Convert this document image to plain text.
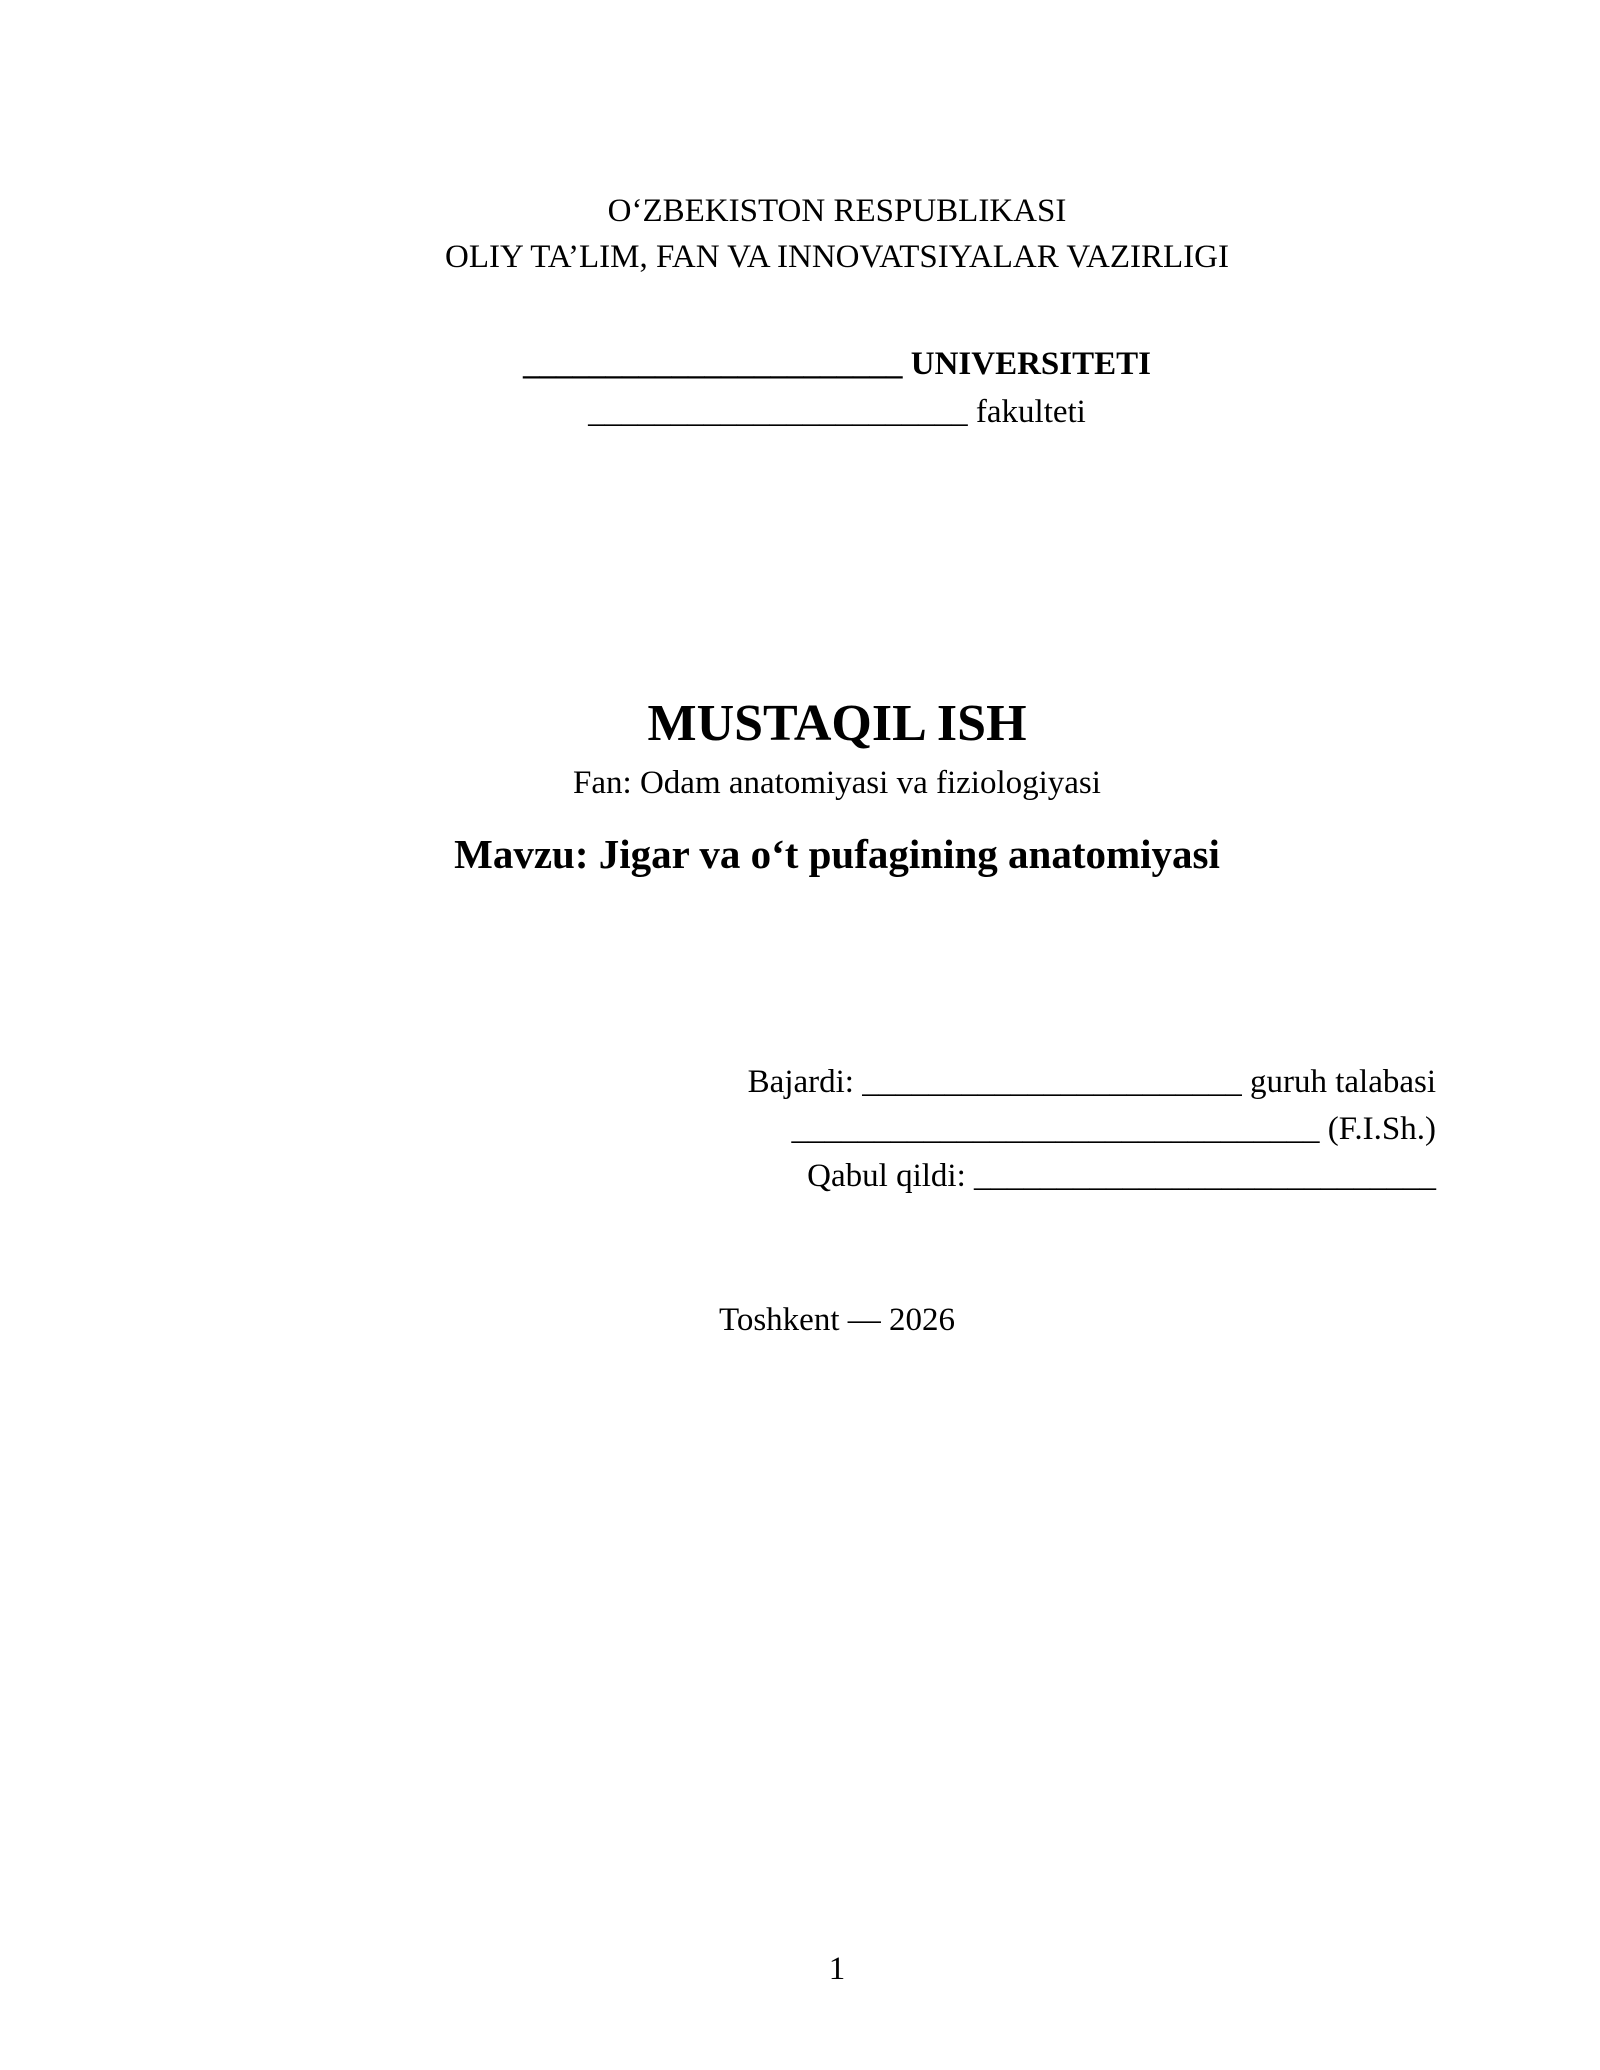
O‘ZBEKISTON RESPUBLIKASI
OLIY TA’LIM, FAN VA INNOVATSIYALAR VAZIRLIGI
_______________________ UNIVERSITETI
_______________________ fakulteti
MUSTAQIL ISH
Fan: Odam anatomiyasi va fiziologiyasi
Mavzu: Jigar va o‘t pufagining anatomiyasi
Bajardi: _______________________ guruh talabasi
________________________________ (F.I.Sh.)
Qabul qildi: ____________________________
Toshkent — 2026
1
